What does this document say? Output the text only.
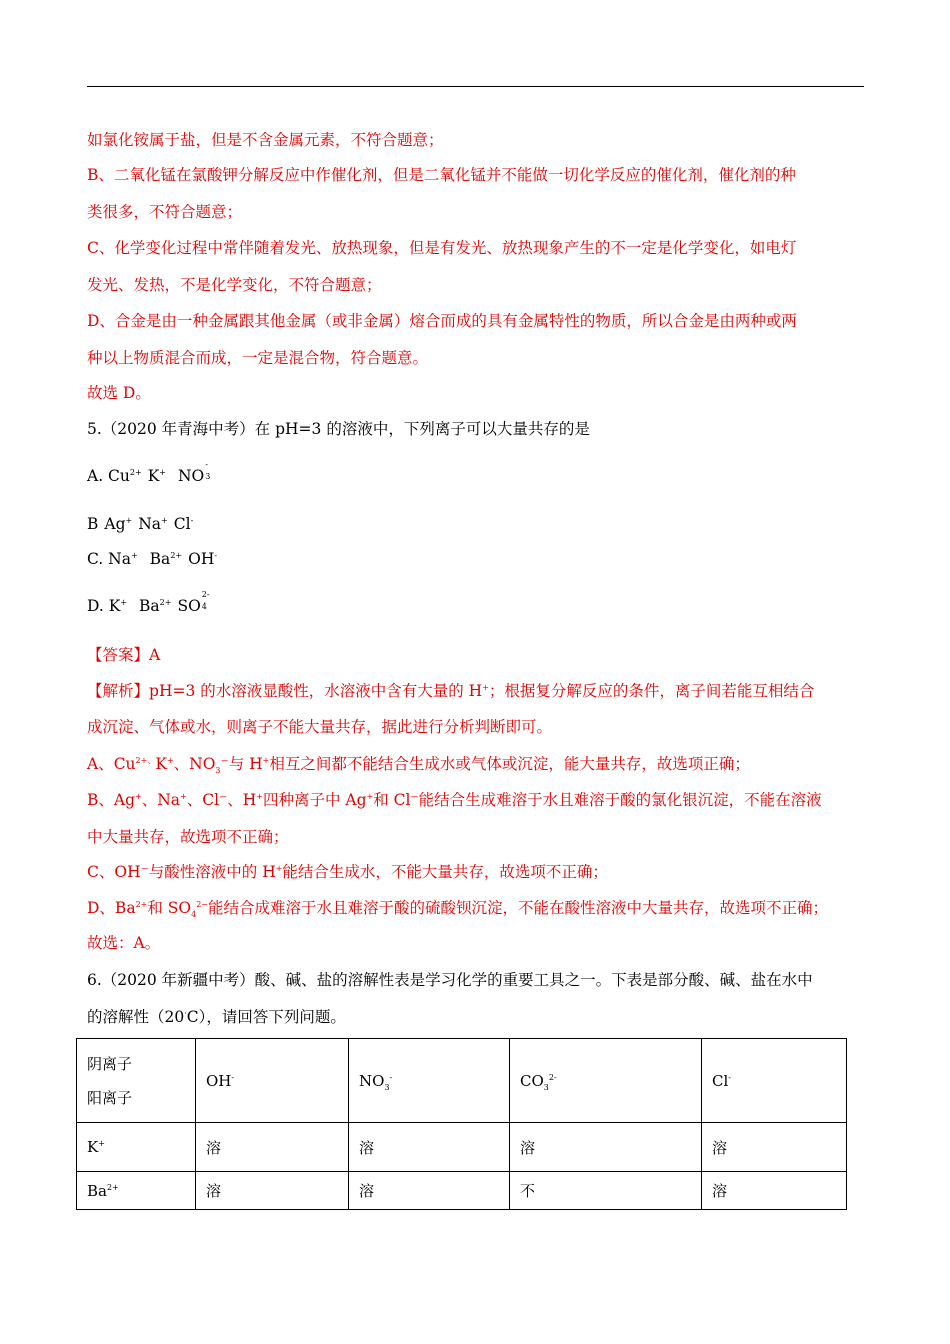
如氯化铵属于盐，但是不含金属元素，不符合题意；
B、二氧化锰在氯酸钾分解反应中作催化剂，但是二氧化锰并不能做一切化学反应的催化剂，催化剂的种
类很多，不符合题意；
C、化学变化过程中常伴随着发光、放热现象，但是有发光、放热现象产生的不一定是化学变化，如电灯
发光、发热，不是化学变化，不符合题意；
D、合金是由一种金属跟其他金属（或非金属）熔合而成的具有金属特性的物质，所以合金是由两种或两
种以上物质混合而成，一定是混合物，符合题意。
故选 D。
5.（2020 年青海中考）在 pH=3 的溶液中，下列离子可以大量共存的是
A. $Cu^{2+}$ K+ NO
-
3
B Ag+ Na+ Cl-
C. Na+ $Ba^{2+}$ OH-
D. K+ $Ba^{2+}$ SO
2-
4
【答案】A
【解析】pH=3 的水溶液显酸性，水溶液中含有大量的 H+；根据复分解反应的条件，离子间若能互相结合
成沉淀、气体或水，则离子不能大量共存，据此进行分析判断即可。
A、$Cu^{2+、}K^+$、$NO_3^-$与 H+相互之间都不能结合生成水或气体或沉淀，能大量共存，故选项正确；
B、Ag+、Na+、Cl⁻、H+四种离子中 Ag+和 Cl⁻能结合生成难溶于水且难溶于酸的氯化银沉淀，不能在溶液
中大量共存，故选项不正确；
C、OH⁻与酸性溶液中的 H+能结合生成水，不能大量共存，故选项不正确；
D、$Ba^{2+}$和 $SO_4^{2-}$能结合成难溶于水且难溶于酸的硫酸钡沉淀，不能在酸性溶液中大量共存，故选项不正确；
故选：A。
6.（2020 年新疆中考）酸、碱、盐的溶解性表是学习化学的重要工具之一。下表是部分酸、碱、盐在水中
的溶解性（20·C），请回答下列问题。
阴离子
阳离子	OH-	$NO_3^-$	$CO_3^{2-}$	Cl-
K+	溶	溶	溶	溶
$Ba^{2+}$	溶	溶	不	溶
